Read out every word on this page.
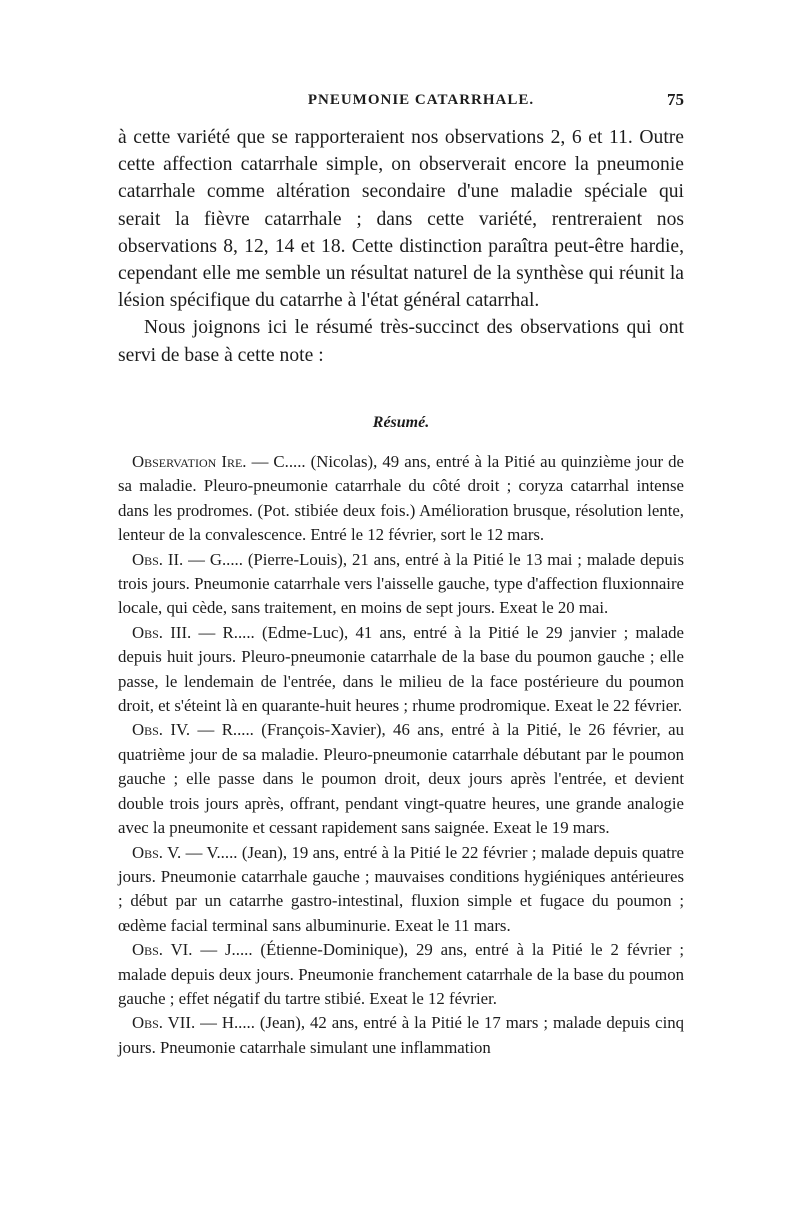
PNEUMONIE CATARRHALE.	75

à cette variété que se rapporteraient nos observations 2, 6 et 11. Outre cette affection catarrhale simple, on observerait encore la pneumonie catarrhale comme altération secondaire d'une maladie spéciale qui serait la fièvre catarrhale ; dans cette variété, rentreraient nos observations 8, 12, 14 et 18. Cette distinction paraîtra peut-être hardie, cependant elle me semble un résultat naturel de la synthèse qui réunit la lésion spécifique du catarrhe à l'état général catarrhal.

Nous joignons ici le résumé très-succinct des observations qui ont servi de base à cette note :

Résumé.

Observation Ire. — C..... (Nicolas), 49 ans, entré à la Pitié au quinzième jour de sa maladie. Pleuro-pneumonie catarrhale du côté droit ; coryza catarrhal intense dans les prodromes. (Pot. stibiée deux fois.) Amélioration brusque, résolution lente, lenteur de la convalescence. Entré le 12 février, sort le 12 mars.

Obs. II. — G..... (Pierre-Louis), 21 ans, entré à la Pitié le 13 mai ; malade depuis trois jours. Pneumonie catarrhale vers l'aisselle gauche, type d'affection fluxionnaire locale, qui cède, sans traitement, en moins de sept jours. Exeat le 20 mai.

Obs. III. — R..... (Edme-Luc), 41 ans, entré à la Pitié le 29 janvier ; malade depuis huit jours. Pleuro-pneumonie catarrhale de la base du poumon gauche ; elle passe, le lendemain de l'entrée, dans le milieu de la face postérieure du poumon droit, et s'éteint là en quarante-huit heures ; rhume prodromique. Exeat le 22 février.

Obs. IV. — R..... (François-Xavier), 46 ans, entré à la Pitié, le 26 février, au quatrième jour de sa maladie. Pleuro-pneumonie catarrhale débutant par le poumon gauche ; elle passe dans le poumon droit, deux jours après l'entrée, et devient double trois jours après, offrant, pendant vingt-quatre heures, une grande analogie avec la pneumonite et cessant rapidement sans saignée. Exeat le 19 mars.

Obs. V. — V..... (Jean), 19 ans, entré à la Pitié le 22 février ; malade depuis quatre jours. Pneumonie catarrhale gauche ; mauvaises conditions hygiéniques antérieures ; début par un catarrhe gastro-intestinal, fluxion simple et fugace du poumon ; œdème facial terminal sans albuminurie. Exeat le 11 mars.

Obs. VI. — J..... (Étienne-Dominique), 29 ans, entré à la Pitié le 2 février ; malade depuis deux jours. Pneumonie franchement catarrhale de la base du poumon gauche ; effet négatif du tartre stibié. Exeat le 12 février.

Obs. VII. — H..... (Jean), 42 ans, entré à la Pitié le 17 mars ; malade depuis cinq jours. Pneumonie catarrhale simulant une inflammation
